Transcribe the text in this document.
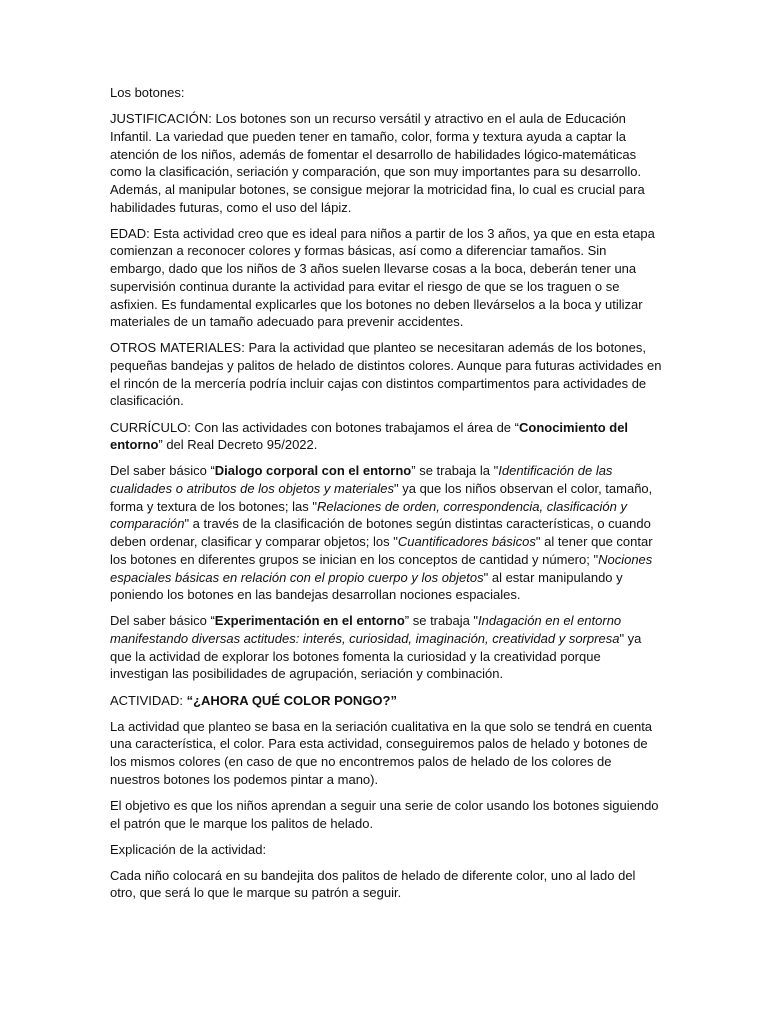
Los botones:

JUSTIFICACIÓN: Los botones son un recurso versátil y atractivo en el aula de Educación Infantil. La variedad que pueden tener en tamaño, color, forma y textura ayuda a captar la atención de los niños, además de fomentar el desarrollo de habilidades lógico-matemáticas como la clasificación, seriación y comparación, que son muy importantes para su desarrollo. Además, al manipular botones, se consigue mejorar la motricidad fina, lo cual es crucial para habilidades futuras, como el uso del lápiz.

EDAD: Esta actividad creo que es ideal para niños a partir de los 3 años, ya que en esta etapa comienzan a reconocer colores y formas básicas, así como a diferenciar tamaños. Sin embargo, dado que los niños de 3 años suelen llevarse cosas a la boca, deberán tener una supervisión continua durante la actividad para evitar el riesgo de que se los traguen o se asfixien. Es fundamental explicarles que los botones no deben llevárselos a la boca y utilizar materiales de un tamaño adecuado para prevenir accidentes.

OTROS MATERIALES: Para la actividad que planteo se necesitaran además de los botones, pequeñas bandejas y palitos de helado de distintos colores. Aunque para futuras actividades en el rincón de la mercería podría incluir cajas con distintos compartimentos para actividades de clasificación.

CURRÍCULO: Con las actividades con botones trabajamos el área de “Conocimiento del entorno” del Real Decreto 95/2022.

Del saber básico “Dialogo corporal con el entorno” se trabaja la "Identificación de las cualidades o atributos de los objetos y materiales" ya que los niños observan el color, tamaño, forma y textura de los botones; las "Relaciones de orden, correspondencia, clasificación y comparación" a través de la clasificación de botones según distintas características, o cuando deben ordenar, clasificar y comparar objetos; los "Cuantificadores básicos" al tener que contar los botones en diferentes grupos se inician en los conceptos de cantidad y número; "Nociones espaciales básicas en relación con el propio cuerpo y los objetos" al estar manipulando y poniendo los botones en las bandejas desarrollan nociones espaciales.

Del saber básico “Experimentación en el entorno” se trabaja "Indagación en el entorno manifestando diversas actitudes: interés, curiosidad, imaginación, creatividad y sorpresa" ya que la actividad de explorar los botones fomenta la curiosidad y la creatividad porque investigan las posibilidades de agrupación, seriación y combinación.

ACTIVIDAD: “¿AHORA QUÉ COLOR PONGO?”

La actividad que planteo se basa en la seriación cualitativa en la que solo se tendrá en cuenta una característica, el color. Para esta actividad, conseguiremos palos de helado y botones de los mismos colores (en caso de que no encontremos palos de helado de los colores de nuestros botones los podemos pintar a mano).

El objetivo es que los niños aprendan a seguir una serie de color usando los botones siguiendo el patrón que le marque los palitos de helado.

Explicación de la actividad:

Cada niño colocará en su bandejita dos palitos de helado de diferente color, uno al lado del otro, que será lo que le marque su patrón a seguir.
